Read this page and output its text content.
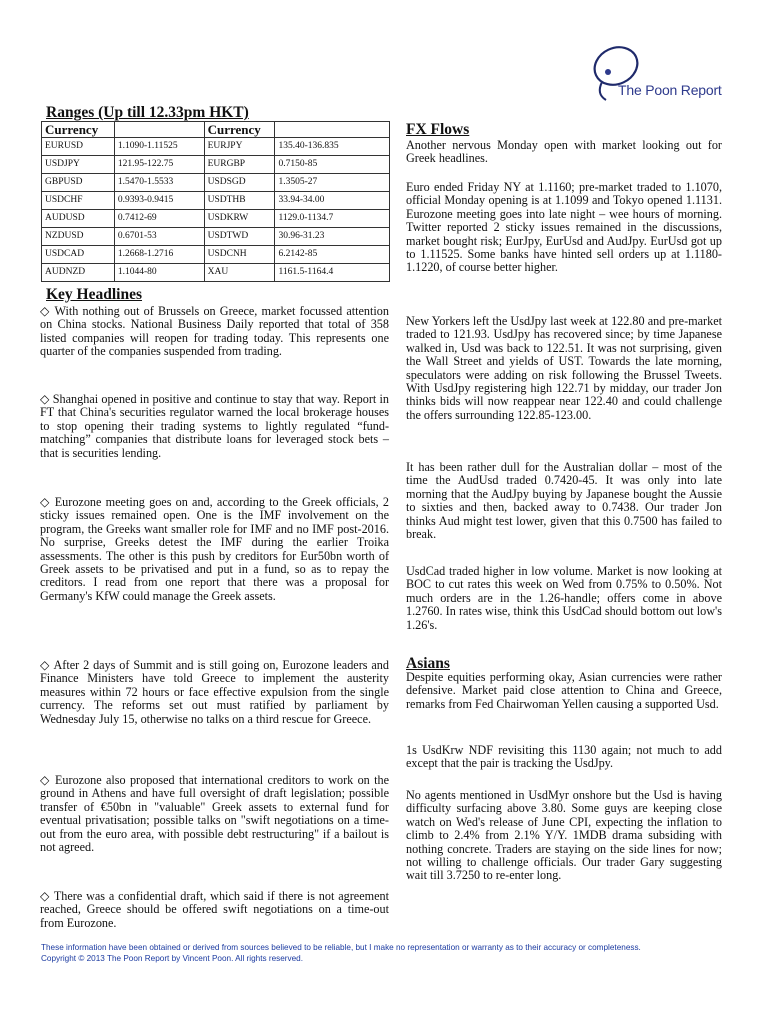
The Poon Report
Ranges (Up till 12.33pm HKT)
Currency		Currency	
EURUSD	1.1090-1.11525	EURJPY	135.40-136.835
USDJPY	121.95-122.75	EURGBP	0.7150-85
GBPUSD	1.5470-1.5533	USDSGD	1.3505-27
USDCHF	0.9393-0.9415	USDTHB	33.94-34.00
AUDUSD	0.7412-69	USDKRW	1129.0-1134.7
NZDUSD	0.6701-53	USDTWD	30.96-31.23
USDCAD	1.2668-1.2716	USDCNH	6.2142-85
AUDNZD	1.1044-80	XAU	1161.5-1164.4
Key Headlines

◇ With nothing out of Brussels on Greece, market focussed attention on China stocks. National Business Daily reported that total of 358 listed companies will reopen for trading today. This represents one quarter of the companies suspended from trading.

◇ Shanghai opened in positive and continue to stay that way. Report in FT that China's securities regulator warned the local brokerage houses to stop opening their trading systems to lightly regulated “fund-matching” companies that distribute loans for leveraged stock bets – that is securities lending.

◇ Eurozone meeting goes on and, according to the Greek officials, 2 sticky issues remained open. One is the IMF involvement on the program, the Greeks want smaller role for IMF and no IMF post-2016. No surprise, Greeks detest the IMF during the earlier Troika assessments. The other is this push by creditors for Eur50bn worth of Greek assets to be privatised and put in a fund, so as to repay the creditors. I read from one report that there was a proposal for Germany's KfW could manage the Greek assets.

◇ After 2 days of Summit and is still going on, Eurozone leaders and Finance Ministers have told Greece to implement the austerity measures within 72 hours or face effective expulsion from the single currency. The reforms set out must ratified by parliament by Wednesday July 15, otherwise no talks on a third rescue for Greece.

◇ Eurozone also proposed that international creditors to work on the ground in Athens and have full oversight of draft legislation; possible transfer of €50bn in "valuable" Greek assets to external fund for eventual privatisation; possible talks on "swift negotiations on a time-out from the euro area, with possible debt restructuring" if a bailout is not agreed.

◇ There was a confidential draft, which said if there is not agreement reached, Greece should be offered swift negotiations on a time-out from Eurozone.

FX Flows

Another nervous Monday open with market looking out for Greek headlines.

Euro ended Friday NY at 1.1160; pre-market traded to 1.1070, official Monday opening is at 1.1099 and Tokyo opened 1.1131. Eurozone meeting goes into late night – wee hours of morning. Twitter reported 2 sticky issues remained in the discussions, market bought risk; EurJpy, EurUsd and AudJpy. EurUsd got up to 1.11525. Some banks have hinted sell orders up at 1.1180-1.1220, of course better higher.

New Yorkers left the UsdJpy last week at 122.80 and pre-market traded to 121.93. UsdJpy has recovered since; by time Japanese walked in, Usd was back to 122.51. It was not surprising, given the Wall Street and yields of UST. Towards the late morning, speculators were adding on risk following the Brussel Tweets. With UsdJpy registering high 122.71 by midday, our trader Jon thinks bids will now reappear near 122.40 and could challenge the offers surrounding 122.85-123.00.

It has been rather dull for the Australian dollar – most of the time the AudUsd traded 0.7420-45. It was only into late morning that the AudJpy buying by Japanese bought the Aussie to sixties and then, backed away to 0.7438. Our trader Jon thinks Aud might test lower, given that this 0.7500 has failed to break.

UsdCad traded higher in low volume. Market is now looking at BOC to cut rates this week on Wed from 0.75% to 0.50%. Not much orders are in the 1.26-handle; offers come in above 1.2760. In rates wise, think this UsdCad should bottom out low's 1.26's.

Asians

Despite equities performing okay, Asian currencies were rather defensive. Market paid close attention to China and Greece, remarks from Fed Chairwoman Yellen causing a supported Usd.

1s UsdKrw NDF revisiting this 1130 again; not much to add except that the pair is tracking the UsdJpy.

No agents mentioned in UsdMyr onshore but the Usd is having difficulty surfacing above 3.80. Some guys are keeping close watch on Wed's release of June CPI, expecting the inflation to climb to 2.4% from 2.1% Y/Y. 1MDB drama subsiding with nothing concrete. Traders are staying on the side lines for now; not willing to challenge officials. Our trader Gary suggesting wait till 3.7250 to re-enter long.

These information have been obtained or derived from sources believed to be reliable, but I make no representation or warranty as to their accuracy or completeness.
Copyright © 2013 The Poon Report by Vincent Poon. All rights reserved.
